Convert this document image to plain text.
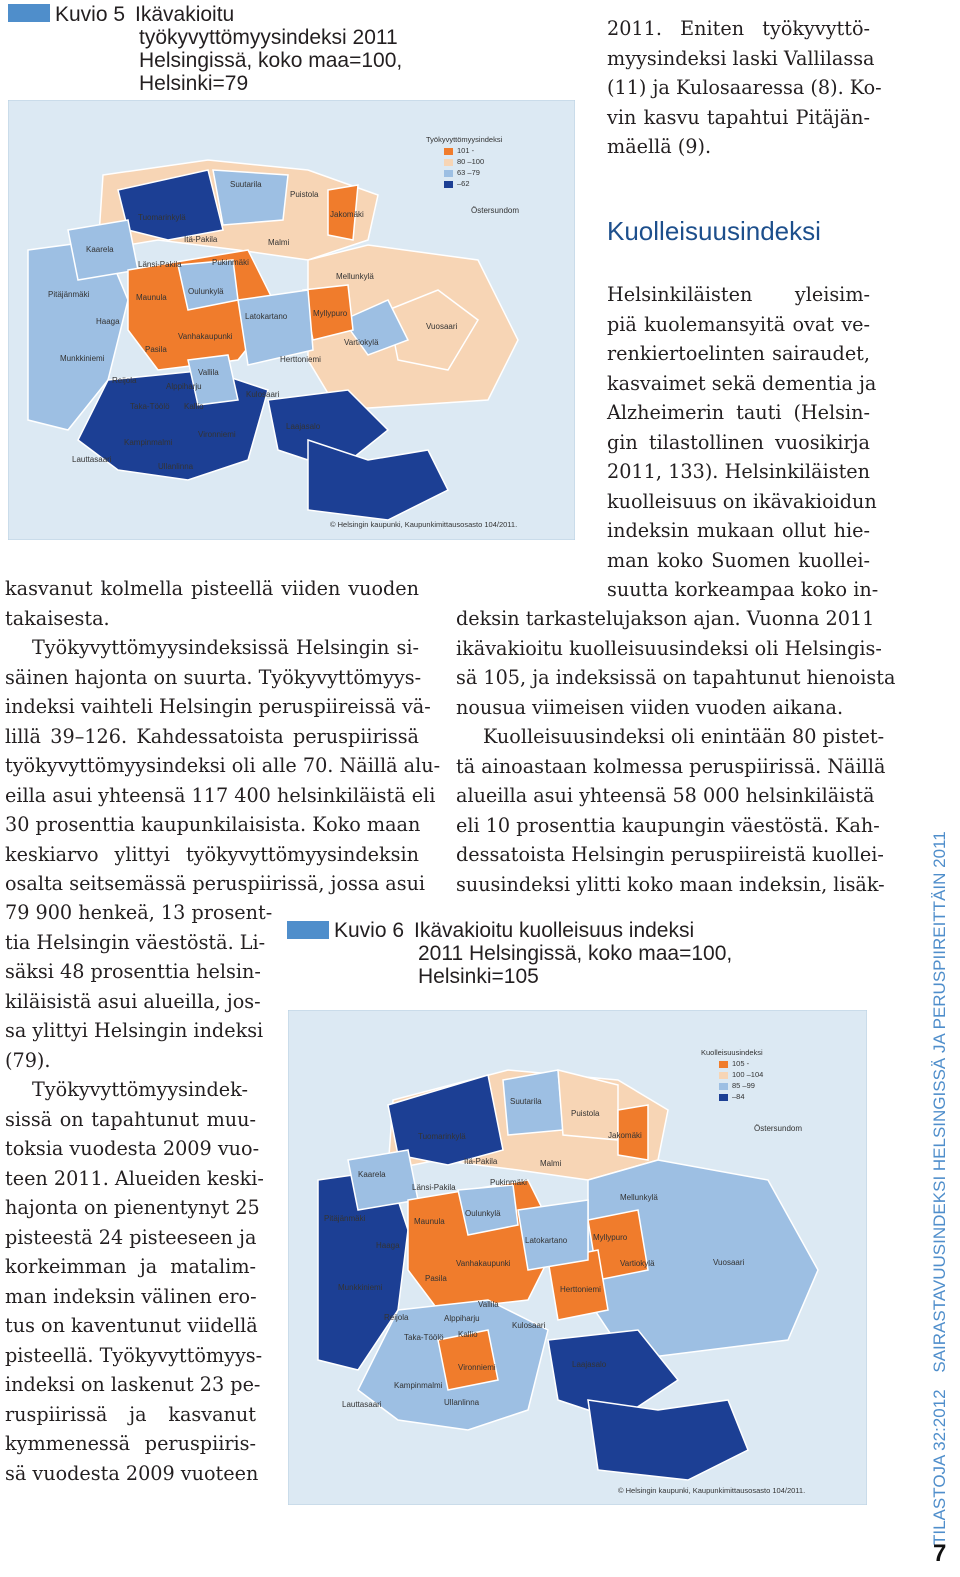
Kuvio 5 Ikävakioitu
työkyvyttömyysindeksi 2011
Helsingissä, koko maa=100,
Helsinki=79
Työkyvyttömyysindeksi
101 -
80 –100
63 –79
–62
Suutarila
Puistola
Tuomarinkylä
Östersundom
Jakomäki
Kaarela
Itä-Pakila	Malmi
Länsi-Pakila	Pukinmäki
Mellunkylä
Pitäjänmäki	Maunula
Oulunkylä
Latokartano	Myllypuro
Haaga
Vuosaari
Vanhakaupunki
Vartiokylä
Pasila
Munkkiniemi	Herttoniemi
Reijola
Vallila
Alppiharju
Kulosaari
Taka-Töölö Kallio
Laajasalo
Vironniemi
Kampinmalmi
Lauttasaari
Ullanlinna
© Helsingin kaupunki, Kaupunkimittausosasto 104/2011.
2011. Eniten työkyvyttö-
myysindeksi laski Vallilassa
(11) ja Kulosaaressa (8). Ko-
vin kasvu tapahtui Pitäjän-
mäellä (9).
Kuolleisuusindeksi
Helsinkiläisten yleisim-
piä kuolemansyitä ovat ve-
renkiertoelinten sairaudet,
kasvaimet sekä dementia ja
Alzheimerin tauti (Helsin-
gin tilastollinen vuosikirja
2011, 133). Helsinkiläisten
kuolleisuus on ikävakioidun
indeksin mukaan ollut hie-
man koko Suomen kuollei-
suutta korkeampaa koko in-
deksin tarkastelujakson ajan. Vuonna 2011
ikävakioitu kuolleisuusindeksi oli Helsingis-
sä 105, ja indeksissä on tapahtunut hienoista
nousua viimeisen viiden vuoden aikana.
Kuolleisuusindeksi oli enintään 80 pistet-
tä ainoastaan kolmessa peruspiirissä. Näillä
alueilla asui yhteensä 58 000 helsinkiläistä
eli 10 prosenttia kaupungin väestöstä. Kah-
dessatoista Helsingin peruspiireistä kuollei-
suusindeksi ylitti koko maan indeksin, lisäk-
kasvanut kolmella pisteellä viiden vuoden
takaisesta.
Työkyvyttömyysindeksissä Helsingin si-
säinen hajonta on suurta. Työkyvyttömyys-
indeksi vaihteli Helsingin peruspiireissä vä-
lillä 39–126. Kahdessatoista peruspiirissä
työkyvyttömyysindeksi oli alle 70. Näillä alu-
eilla asui yhteensä 117 400 helsinkiläistä eli
30 prosenttia kaupunkilaisista. Koko maan
keskiarvo ylittyi työkyvyttömyysindeksin
osalta seitsemässä peruspiirissä, jossa asui
79 900 henkeä, 13 prosent-
tia Helsingin väestöstä. Li-
säksi 48 prosenttia helsin-
kiläisistä asui alueilla, jos-
sa ylittyi Helsingin indeksi
(79).
Työkyvyttömyysindek-
sissä on tapahtunut muu-
toksia vuodesta 2009 vuo-
teen 2011. Alueiden keski-
hajonta on pienentynyt 25
pisteestä 24 pisteeseen ja
korkeimman ja matalim-
man indeksin välinen ero-
tus on kaventunut viidellä
pisteellä. Työkyvyttömyys-
indeksi on laskenut 23 pe-
ruspiirissä ja kasvanut
kymmenessä peruspiiris-
sä vuodesta 2009 vuoteen
Kuvio 6 Ikävakioitu kuolleisuus indeksi
2011 Helsingissä, koko maa=100,
Helsinki=105
Kuolleisuusindeksi
105 -
100 –104
85 –99
–84
Suutarila
Puistola
Tuomarinkylä
Östersundom
Jakomäki
Kaarela
Itä-Pakila	Malmi
Länsi-Pakila
Pukinmäki
Mellunkylä
Pitäjänmäki	Maunula
Oulunkylä
Latokartano	Myllypuro
Haaga
Vuosaari
Vanhakaupunki	Vartiokylä
Pasila
Munkkiniemi	Herttoniemi
Reijola
Vallila
Alppiharju
Kulosaari
Taka-Töölö Kallio
Laajasalo
Vironniemi
Kampinmalmi
Lauttasaari	Ullanlinna
© Helsingin kaupunki, Kaupunkimittausosasto 104/2011.	TILASTOJA 32:2012 SAIRASTAVUUSINDEKSI HELSINGISSÄ JA PERUSPIIREITTÄIN 2011
7
